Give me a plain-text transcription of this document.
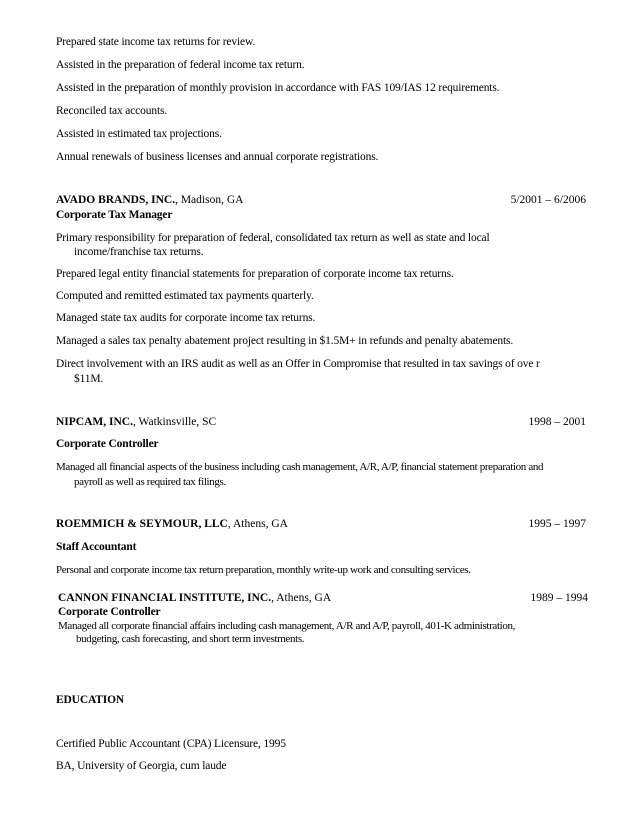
Prepared state income tax returns for review.
Assisted in the preparation of federal income tax return.
Assisted in the preparation of monthly provision in accordance with FAS 109/IAS 12 requirements.
Reconciled tax accounts.
Assisted in estimated tax projections.
Annual renewals of business licenses and annual corporate registrations.
AVADO BRANDS, INC., Madison, GA	5/2001 – 6/2006
Corporate Tax Manager
Primary responsibility for preparation of federal, consolidated tax return as well as state and local
income/franchise tax returns.
Prepared legal entity financial statements for preparation of corporate income tax returns.
Computed and remitted estimated tax payments quarterly.
Managed state tax audits for corporate income tax returns.
Managed a sales tax penalty abatement project resulting in $1.5M+ in refunds and penalty abatements.
Direct involvement with an IRS audit as well as an Offer in Compromise that resulted in tax savings of ove r
$11M.
NIPCAM, INC., Watkinsville, SC	1998 – 2001
Corporate Controller
Managed all financial aspects of the business including cash management, A/R, A/P, financial statement preparation and
payroll as well as required tax filings.
ROEMMICH & SEYMOUR, LLC, Athens, GA	1995 – 1997
Staff Accountant
Personal and corporate income tax return preparation, monthly write-up work and consulting services.
CANNON FINANCIAL INSTITUTE, INC., Athens, GA	1989 – 1994
Corporate Controller
Managed all corporate financial affairs including cash management, A/R and A/P, payroll, 401-K administration,
budgeting, cash forecasting, and short term investments.
EDUCATION
Certified Public Accountant (CPA) Licensure, 1995
BA, University of Georgia, cum laude
